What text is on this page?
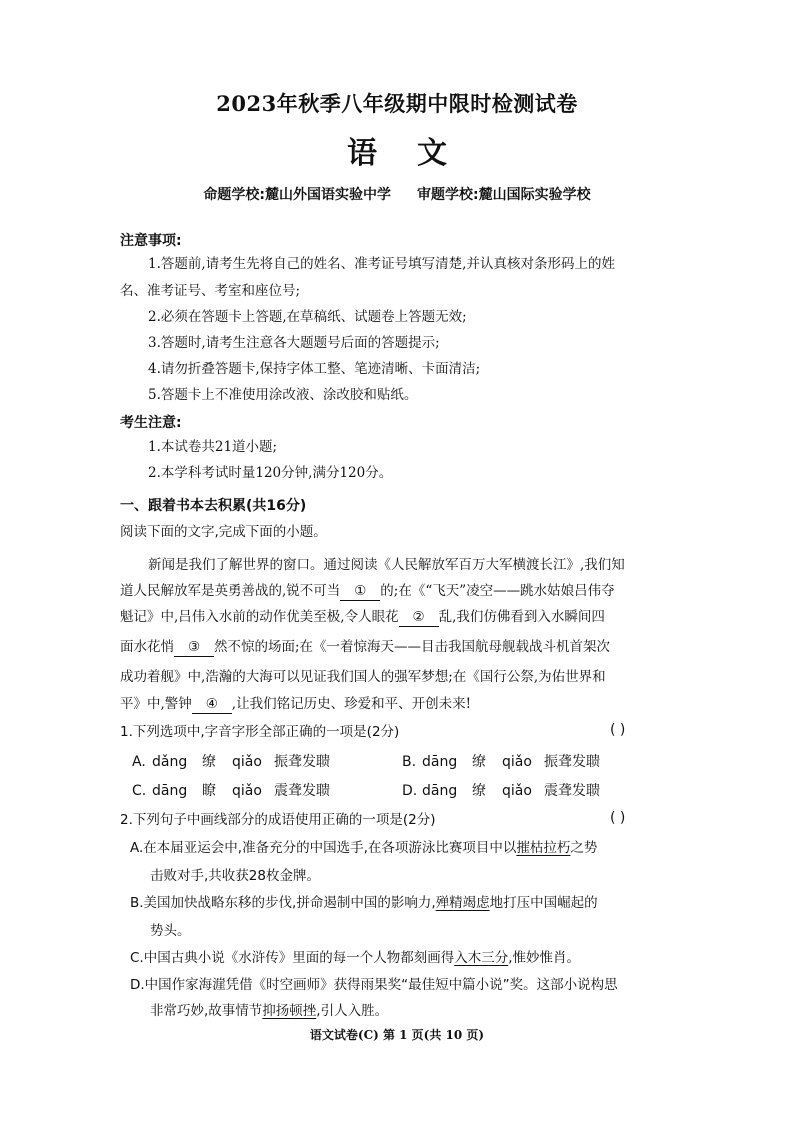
2023年秋季八年级期中限时检测试卷
语 文
命题学校:麓山外国语实验中学 审题学校:麓山国际实验学校
注意事项:
1.答题前,请考生先将自己的姓名、准考证号填写清楚,并认真核对条形码上的姓
名、准考证号、考室和座位号;
2.必须在答题卡上答题,在草稿纸、试题卷上答题无效;
3.答题时,请考生注意各大题题号后面的答题提示;
4.请勿折叠答题卡,保持字体工整、笔迹清晰、卡面清洁;
5.答题卡上不准使用涂改液、涂改胶和贴纸。
考生注意:
1.本试卷共21道小题;
2.本学科考试时量120分钟,满分120分。
一、跟着书本去积累(共16分)
阅读下面的文字,完成下面的小题。
新闻是我们了解世界的窗口。通过阅读《人民解放军百万大军横渡长江》,我们知
道人民解放军是英勇善战的,锐不可当 ① 的;在《“飞天”凌空——跳水姑娘吕伟夺
魁记》中,吕伟入水前的动作优美至极,令人眼花 ② 乱,我们仿佛看到入水瞬间四
面水花悄 ③ 然不惊的场面;在《一着惊海天——目击我国航母舰载战斗机首架次
成功着舰》中,浩瀚的大海可以见证我们国人的强军梦想;在《国行公祭,为佑世界和
平》中,警钟 ④ ,让我们铭记历史、珍爱和平、开创未来!
1.下列选项中,字音字形全部正确的一项是(2分)	( )
A. dǎng 缭 qiǎo 振聋发聩	B. dāng 缭 qiǎo 振聋发聩
C. dāng 瞭 qiǎo 震聋发聩	D. dāng 缭 qiǎo 震聋发聩
2.下列句子中画线部分的成语使用正确的一项是(2分)	( )
A.在本届亚运会中,准备充分的中国选手,在各项游泳比赛项目中以摧枯拉朽之势
击败对手,共收获28枚金牌。
B.美国加快战略东移的步伐,拼命遏制中国的影响力,殚精竭虑地打压中国崛起的
势头。
C.中国古典小说《水浒传》里面的每一个人物都刻画得入木三分,惟妙惟肖。
D.中国作家海漄凭借《时空画师》获得雨果奖“最佳短中篇小说”奖。这部小说构思
非常巧妙,故事情节抑扬顿挫,引人入胜。
语文试卷(C) 第 1 页(共 10 页)
